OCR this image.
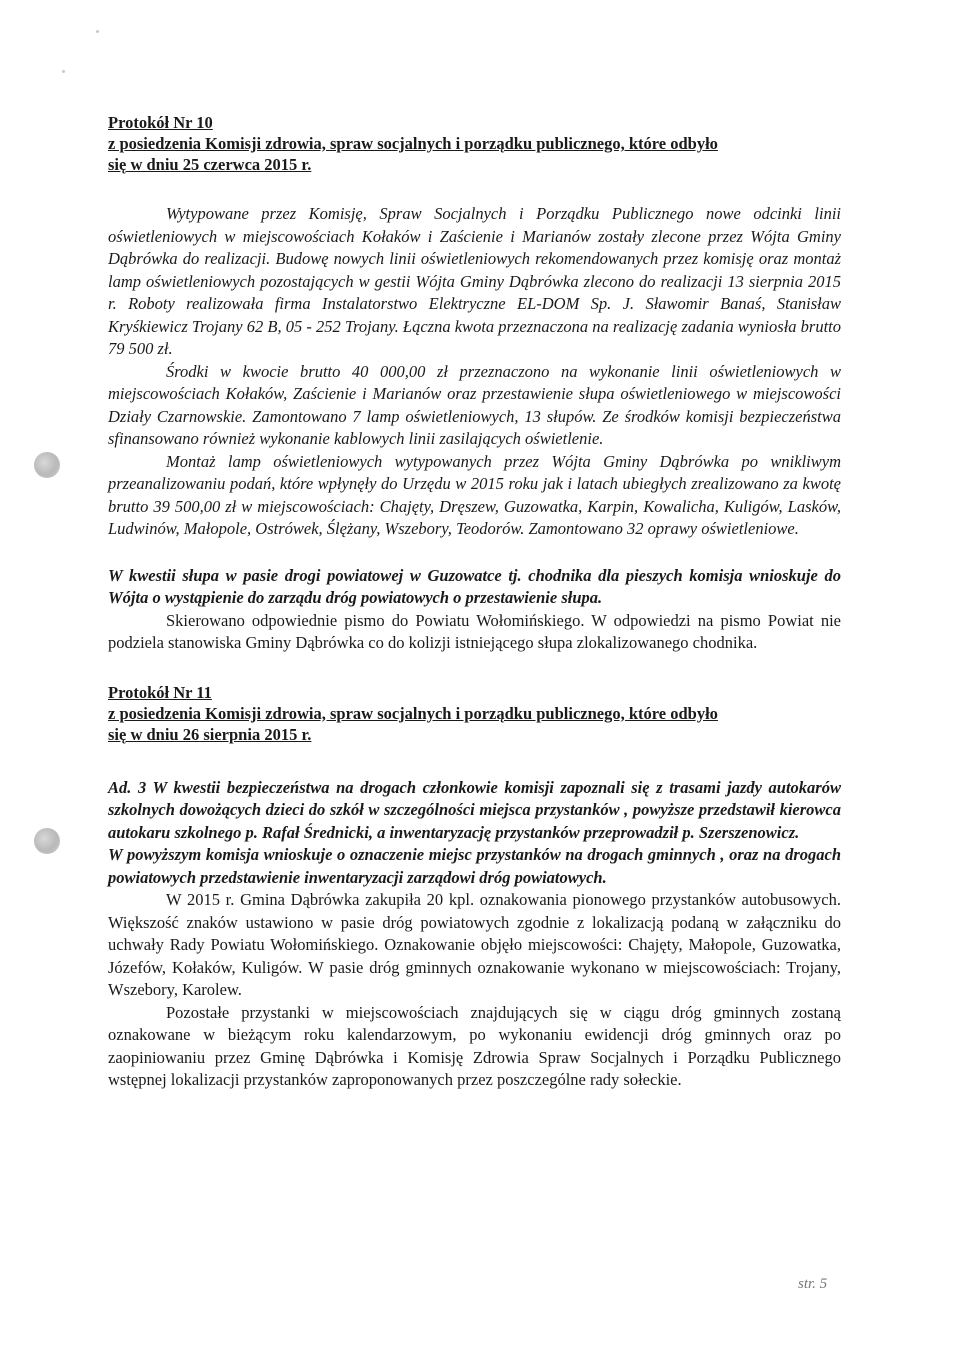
Protokół Nr 10
z posiedzenia Komisji zdrowia, spraw socjalnych i porządku publicznego, które odbyło
się w dniu 25 czerwca 2015 r.

Wytypowane przez Komisję, Spraw Socjalnych i Porządku Publicznego nowe odcinki linii oświetleniowych w miejscowościach Kołaków i Zaścienie i Marianów zostały zlecone przez Wójta Gminy Dąbrówka do realizacji. Budowę nowych linii oświetleniowych rekomendowanych przez komisję oraz montaż lamp oświetleniowych pozostających w gestii Wójta Gminy Dąbrówka zlecono do realizacji 13 sierpnia 2015 r. Roboty realizowała firma Instalatorstwo Elektryczne EL-DOM Sp. J. Sławomir Banaś, Stanisław Kryśkiewicz Trojany 62 B, 05 - 252 Trojany. Łączna kwota przeznaczona na realizację zadania wyniosła brutto 79 500 zł.

Środki w kwocie brutto 40 000,00 zł przeznaczono na wykonanie linii oświetleniowych w miejscowościach Kołaków, Zaścienie i Marianów oraz przestawienie słupa oświetleniowego w miejscowości Działy Czarnowskie. Zamontowano 7 lamp oświetleniowych, 13 słupów. Ze środków komisji bezpieczeństwa sfinansowano również wykonanie kablowych linii zasilających oświetlenie.

Montaż lamp oświetleniowych wytypowanych przez Wójta Gminy Dąbrówka po wnikliwym przeanalizowaniu podań, które wpłynęły do Urzędu w 2015 roku jak i latach ubiegłych zrealizowano za kwotę brutto 39 500,00 zł w miejscowościach: Chajęty, Dręszew, Guzowatka, Karpin, Kowalicha, Kuligów, Lasków, Ludwinów, Małopole, Ostrówek, Ślężany, Wszebory, Teodorów. Zamontowano 32 oprawy oświetleniowe.

W kwestii słupa w pasie drogi powiatowej w Guzowatce tj. chodnika dla pieszych komisja wnioskuje do Wójta o wystąpienie do zarządu dróg powiatowych o przestawienie słupa.

Skierowano odpowiednie pismo do Powiatu Wołomińskiego. W odpowiedzi na pismo Powiat nie podziela stanowiska Gminy Dąbrówka co do kolizji istniejącego słupa zlokalizowanego chodnika.

Protokół Nr 11
z posiedzenia Komisji zdrowia, spraw socjalnych i porządku publicznego, które odbyło
się w dniu 26 sierpnia 2015 r.

Ad. 3 W kwestii bezpieczeństwa na drogach członkowie komisji zapoznali się z trasami jazdy autokarów szkolnych dowożących dzieci do szkół w szczególności miejsca przystanków , powyższe przedstawił kierowca autokaru szkolnego p. Rafał Średnicki, a inwentaryzację przystanków przeprowadził p. Szerszenowicz.

W powyższym komisja wnioskuje o oznaczenie miejsc przystanków na drogach gminnych , oraz na drogach powiatowych przedstawienie inwentaryzacji zarządowi dróg powiatowych.

W 2015 r. Gmina Dąbrówka zakupiła 20 kpl. oznakowania pionowego przystanków autobusowych. Większość znaków ustawiono w pasie dróg powiatowych zgodnie z lokalizacją podaną w załączniku do uchwały Rady Powiatu Wołomińskiego. Oznakowanie objęło miejscowości: Chajęty, Małopole, Guzowatka, Józefów, Kołaków, Kuligów. W pasie dróg gminnych oznakowanie wykonano w miejscowościach: Trojany, Wszebory, Karolew.

Pozostałe przystanki w miejscowościach znajdujących się w ciągu dróg gminnych zostaną oznakowane w bieżącym roku kalendarzowym, po wykonaniu ewidencji dróg gminnych oraz po zaopiniowaniu przez Gminę Dąbrówka i Komisję Zdrowia Spraw Socjalnych i Porządku Publicznego wstępnej lokalizacji przystanków zaproponowanych przez poszczególne rady sołeckie.

str. 5
